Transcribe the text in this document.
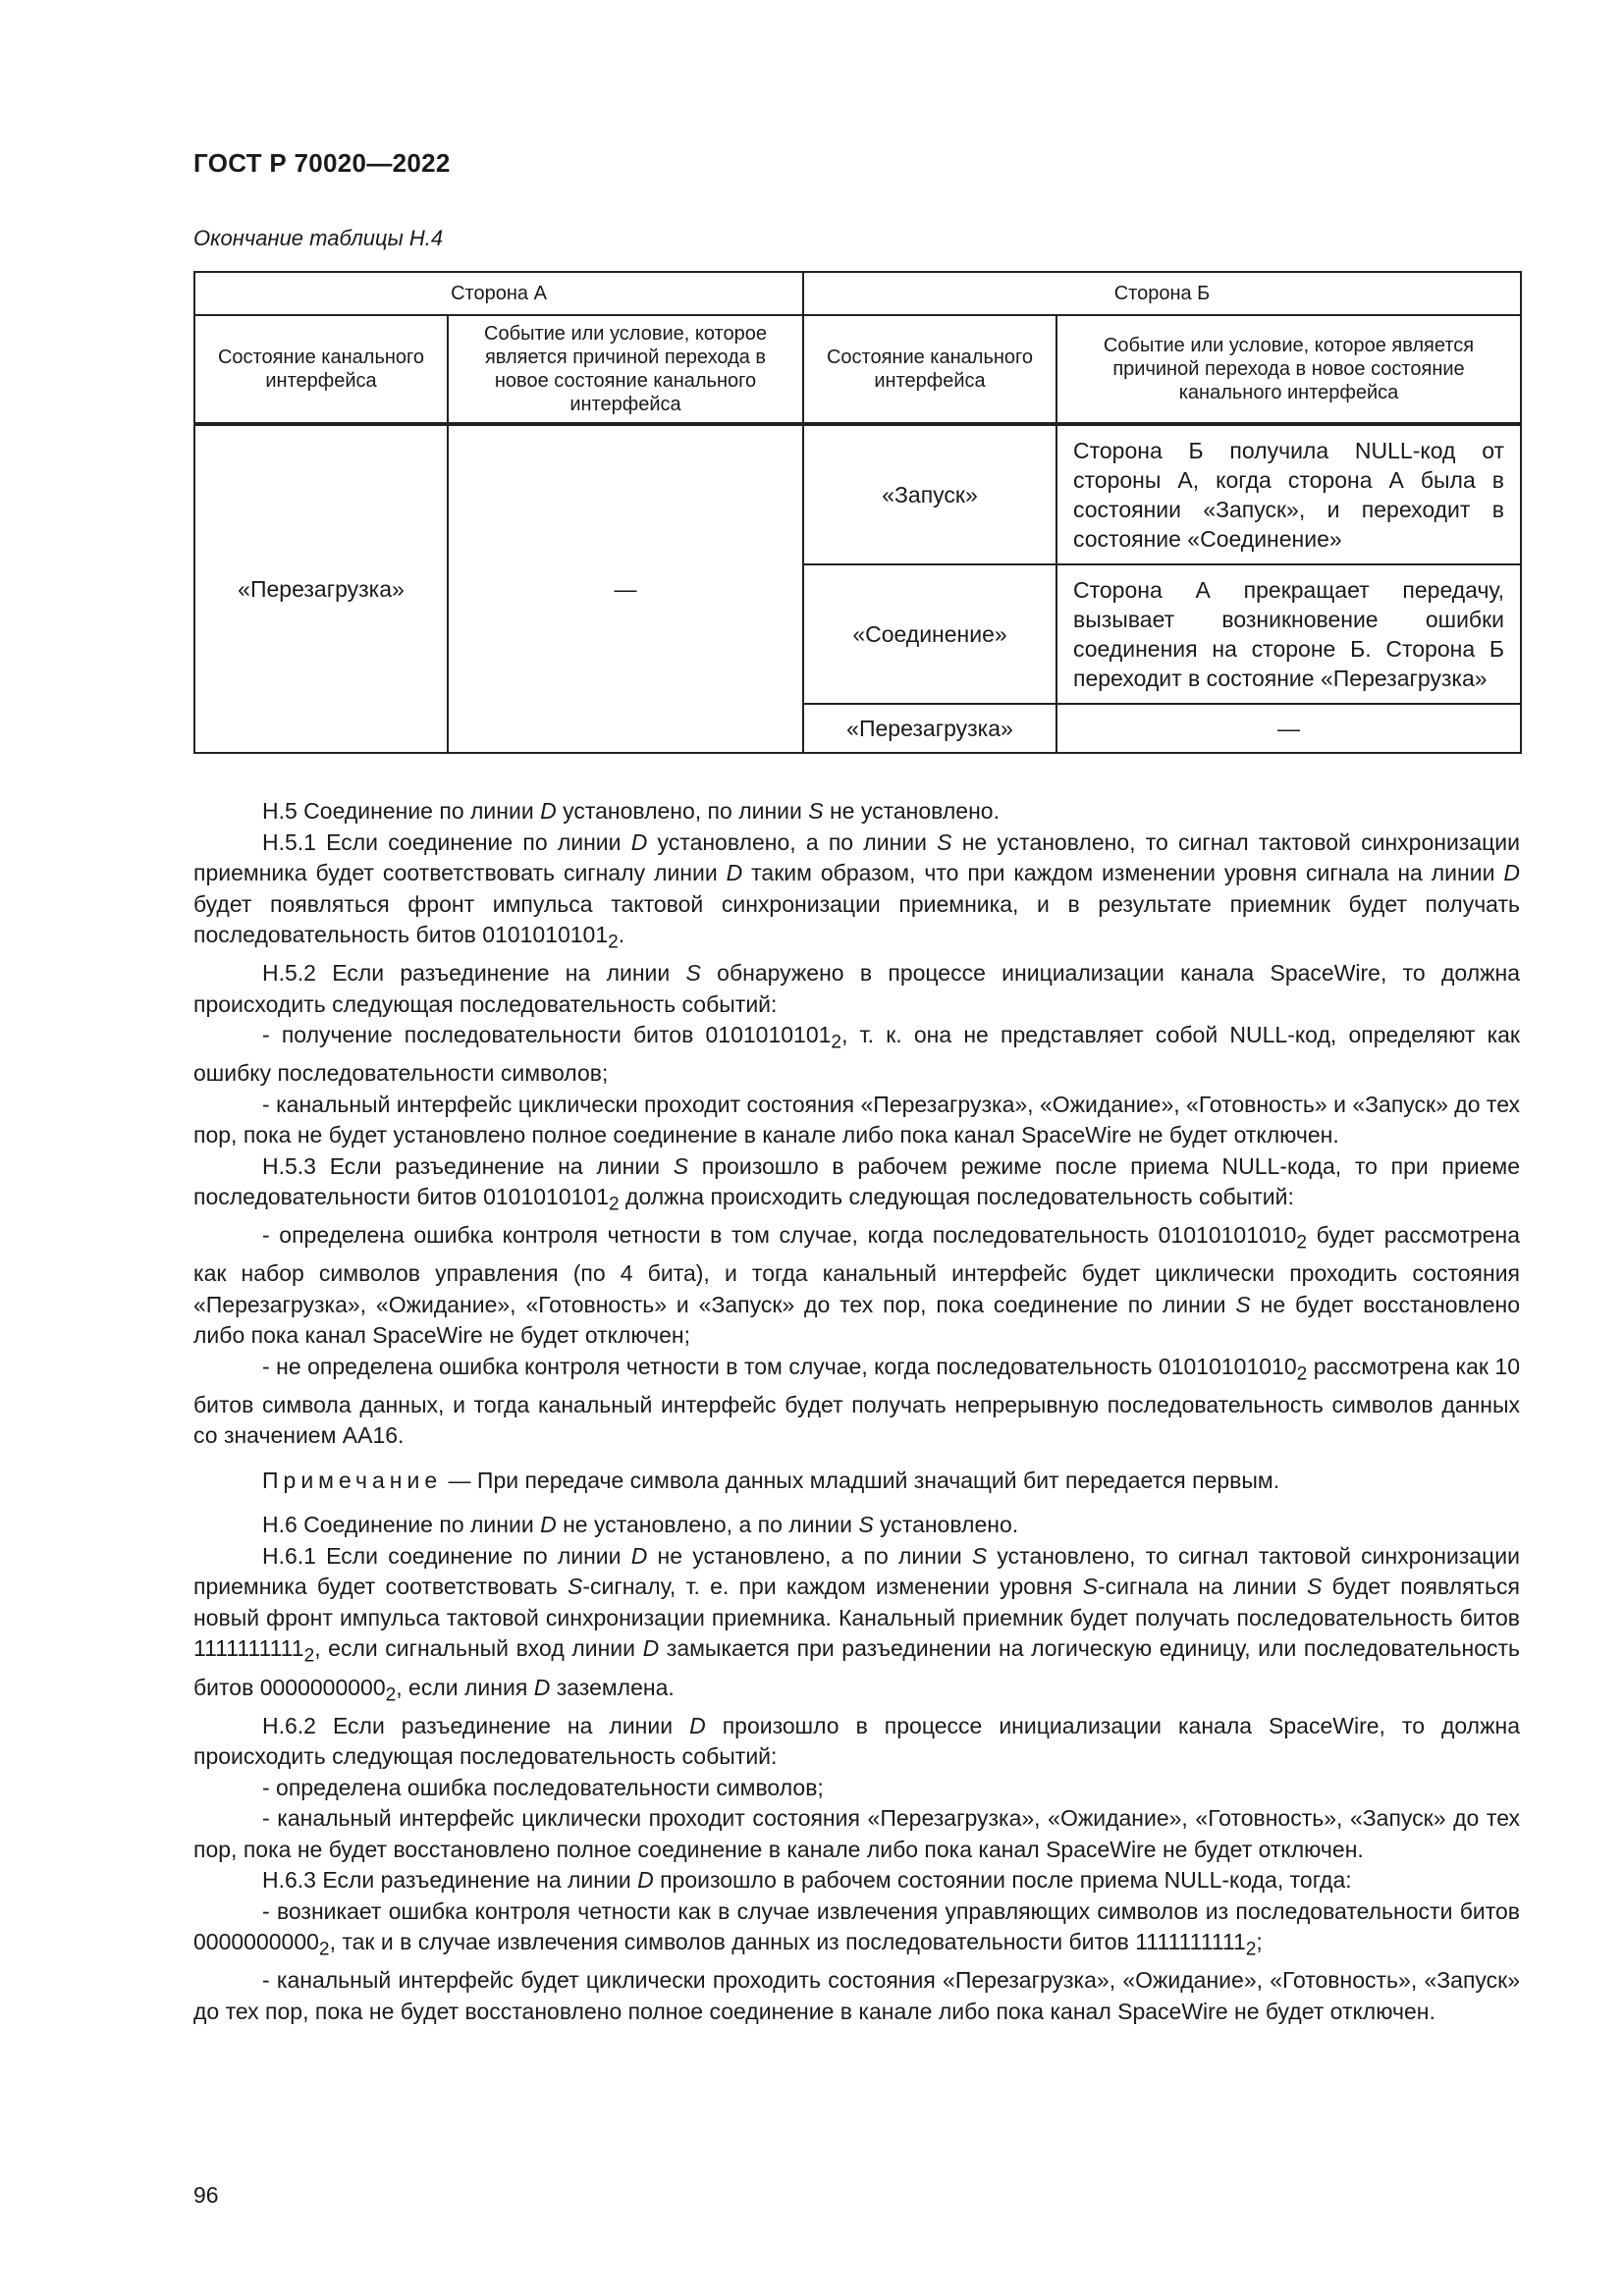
ГОСТ Р 70020—2022
Окончание таблицы Н.4
Сторона А		Сторона Б	
Состояние канального интерфейса	Событие или условие, которое является причиной перехода в новое состояние канального интерфейса	Состояние канального интерфейса	Событие или условие, которое является причиной перехода в новое состояние канального интерфейса
«Перезагрузка»	—	«Запуск»	Сторона Б получила NULL-код от стороны А, когда сторона А была в состоянии «Запуск», и переходит в состояние «Соединение»
		«Соединение»	Сторона А прекращает передачу, вызывает возникновение ошибки соединения на стороне Б. Сторона Б переходит в состояние «Перезагрузка»
		«Перезагрузка»	—

Н.5 Соединение по линии D установлено, по линии S не установлено.

Н.5.1 Если соединение по линии D установлено, а по линии S не установлено, то сигнал тактовой синхронизации приемника будет соответствовать сигналу линии D таким образом, что при каждом изменении уровня сигнала на линии D будет появляться фронт импульса тактовой синхронизации приемника, и в результате приемник будет получать последовательность битов $0101010101_2$.

Н.5.2 Если разъединение на линии S обнаружено в процессе инициализации канала SpaceWire, то должна происходить следующая последовательность событий:

- получение последовательности битов $0101010101_2$, т. к. она не представляет собой NULL-код, определяют как ошибку последовательности символов;

- канальный интерфейс циклически проходит состояния «Перезагрузка», «Ожидание», «Готовность» и «Запуск» до тех пор, пока не будет установлено полное соединение в канале либо пока канал SpaceWire не будет отключен.

Н.5.3 Если разъединение на линии S произошло в рабочем режиме после приема NULL-кода, то при приеме последовательности битов $0101010101_2$ должна происходить следующая последовательность событий:

- определена ошибка контроля четности в том случае, когда последовательность $01010101010_2$ будет рассмотрена как набор символов управления (по 4 бита), и тогда канальный интерфейс будет циклически проходить состояния «Перезагрузка», «Ожидание», «Готовность» и «Запуск» до тех пор, пока соединение по линии S не будет восстановлено либо пока канал SpaceWire не будет отключен;

- не определена ошибка контроля четности в том случае, когда последовательность $01010101010_2$ рассмотрена как 10 битов символа данных, и тогда канальный интерфейс будет получать непрерывную последовательность символов данных со значением АА16.

Примечание — При передаче символа данных младший значащий бит передается первым.

Н.6 Соединение по линии D не установлено, а по линии S установлено.

Н.6.1 Если соединение по линии D не установлено, а по линии S установлено, то сигнал тактовой синхронизации приемника будет соответствовать S-сигналу, т. е. при каждом изменении уровня S-сигнала на линии S будет появляться новый фронт импульса тактовой синхронизации приемника. Канальный приемник будет получать последовательность битов $1111111111_2$, если сигнальный вход линии D замыкается при разъединении на логическую единицу, или последовательность битов $0000000000_2$, если линия D заземлена.

Н.6.2 Если разъединение на линии D произошло в процессе инициализации канала SpaceWire, то должна происходить следующая последовательность событий:

- определена ошибка последовательности символов;

- канальный интерфейс циклически проходит состояния «Перезагрузка», «Ожидание», «Готовность», «Запуск» до тех пор, пока не будет восстановлено полное соединение в канале либо пока канал SpaceWire не будет отключен.

Н.6.3 Если разъединение на линии D произошло в рабочем состоянии после приема NULL-кода, тогда:

- возникает ошибка контроля четности как в случае извлечения управляющих символов из последовательности битов $0000000000_2$, так и в случае извлечения символов данных из последовательности битов $1111111111_2$;

- канальный интерфейс будет циклически проходить состояния «Перезагрузка», «Ожидание», «Готовность», «Запуск» до тех пор, пока не будет восстановлено полное соединение в канале либо пока канал SpaceWire не будет отключен.

96
